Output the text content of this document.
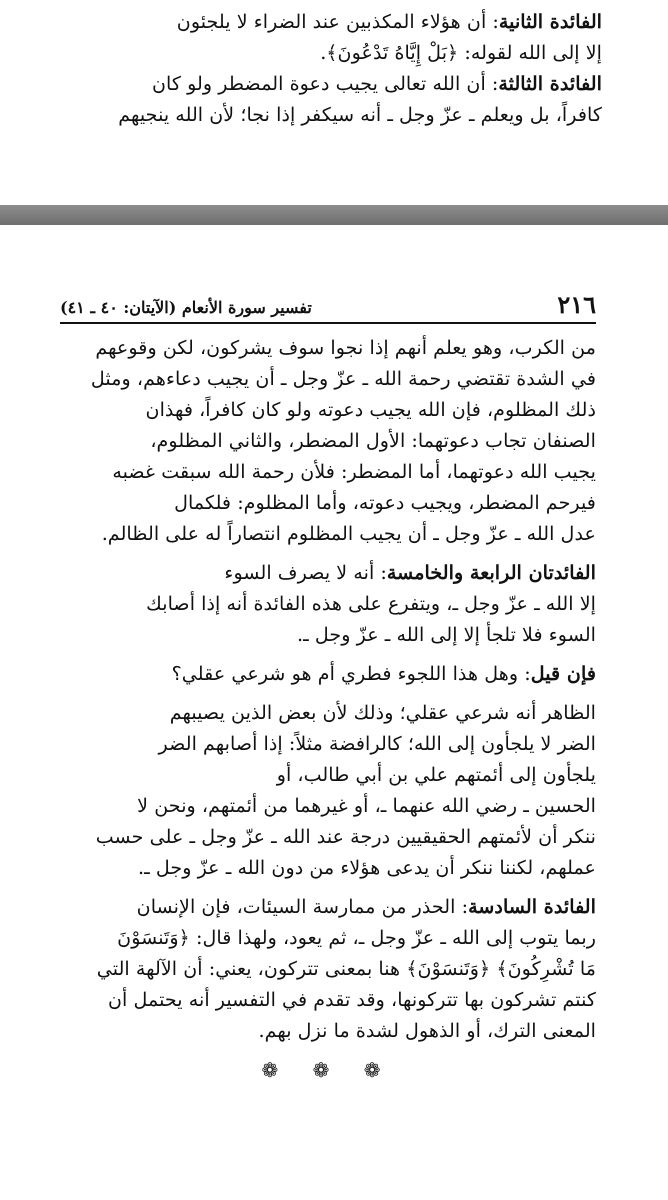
الفائدة الثانية: أن هؤلاء المكذبين عند الضراء لا يلجئون

إلا إلى الله لقوله: ﴿بَلْ إِيَّاهُ تَدْعُونَ﴾.

الفائدة الثالثة: أن الله تعالى يجيب دعوة المضطر ولو كان

كافراً، بل ويعلم ـ عزّ وجل ـ أنه سيكفر إذا نجا؛ لأن الله ينجيهم

٢١٦
تفسير سورة الأنعام (الآيتان: ٤٠ ـ ٤١)

من الكرب، وهو يعلم أنهم إذا نجوا سوف يشركون، لكن وقوعهم

في الشدة تقتضي رحمة الله ـ عزّ وجل ـ أن يجيب دعاءهم، ومثل

ذلك المظلوم، فإن الله يجيب دعوته ولو كان كافراً، فهذان

الصنفان تجاب دعوتهما: الأول المضطر، والثاني المظلوم،

يجيب الله دعوتهما، أما المضطر: فلأن رحمة الله سبقت غضبه

فيرحم المضطر، ويجيب دعوته، وأما المظلوم: فلكمال

عدل الله ـ عزّ وجل ـ أن يجيب المظلوم انتصاراً له على الظالم.

الفائدتان الرابعة والخامسة: أنه لا يصرف السوء

إلا الله ـ عزّ وجل ـ، ويتفرع على هذه الفائدة أنه إذا أصابك

السوء فلا تلجأ إلا إلى الله ـ عزّ وجل ـ.

فإن قيل: وهل هذا اللجوء فطري أم هو شرعي عقلي؟

الظاهر أنه شرعي عقلي؛ وذلك لأن بعض الذين يصيبهم

الضر لا يلجأون إلى الله؛ كالرافضة مثلاً: إذا أصابهم الضر

يلجأون إلى أئمتهم علي بن أبي طالب، أو

الحسين ـ رضي الله عنهما ـ، أو غيرهما من أئمتهم، ونحن لا

ننكر أن لأئمتهم الحقيقيين درجة عند الله ـ عزّ وجل ـ على حسب

عملهم، لكننا ننكر أن يدعى هؤلاء من دون الله ـ عزّ وجل ـ.

الفائدة السادسة: الحذر من ممارسة السيئات، فإن الإنسان

ربما يتوب إلى الله ـ عزّ وجل ـ، ثم يعود، ولهذا قال: ﴿وَتَنسَوْنَ

مَا تُشْرِكُونَ﴾ ﴿وَتَنسَوْنَ﴾ هنا بمعنى تتركون، يعني: أن الآلهة التي

كنتم تشركون بها تتركونها، وقد تقدم في التفسير أنه يحتمل أن

المعنى الترك، أو الذهول لشدة ما نزل بهم.

❁ ❁ ❁
